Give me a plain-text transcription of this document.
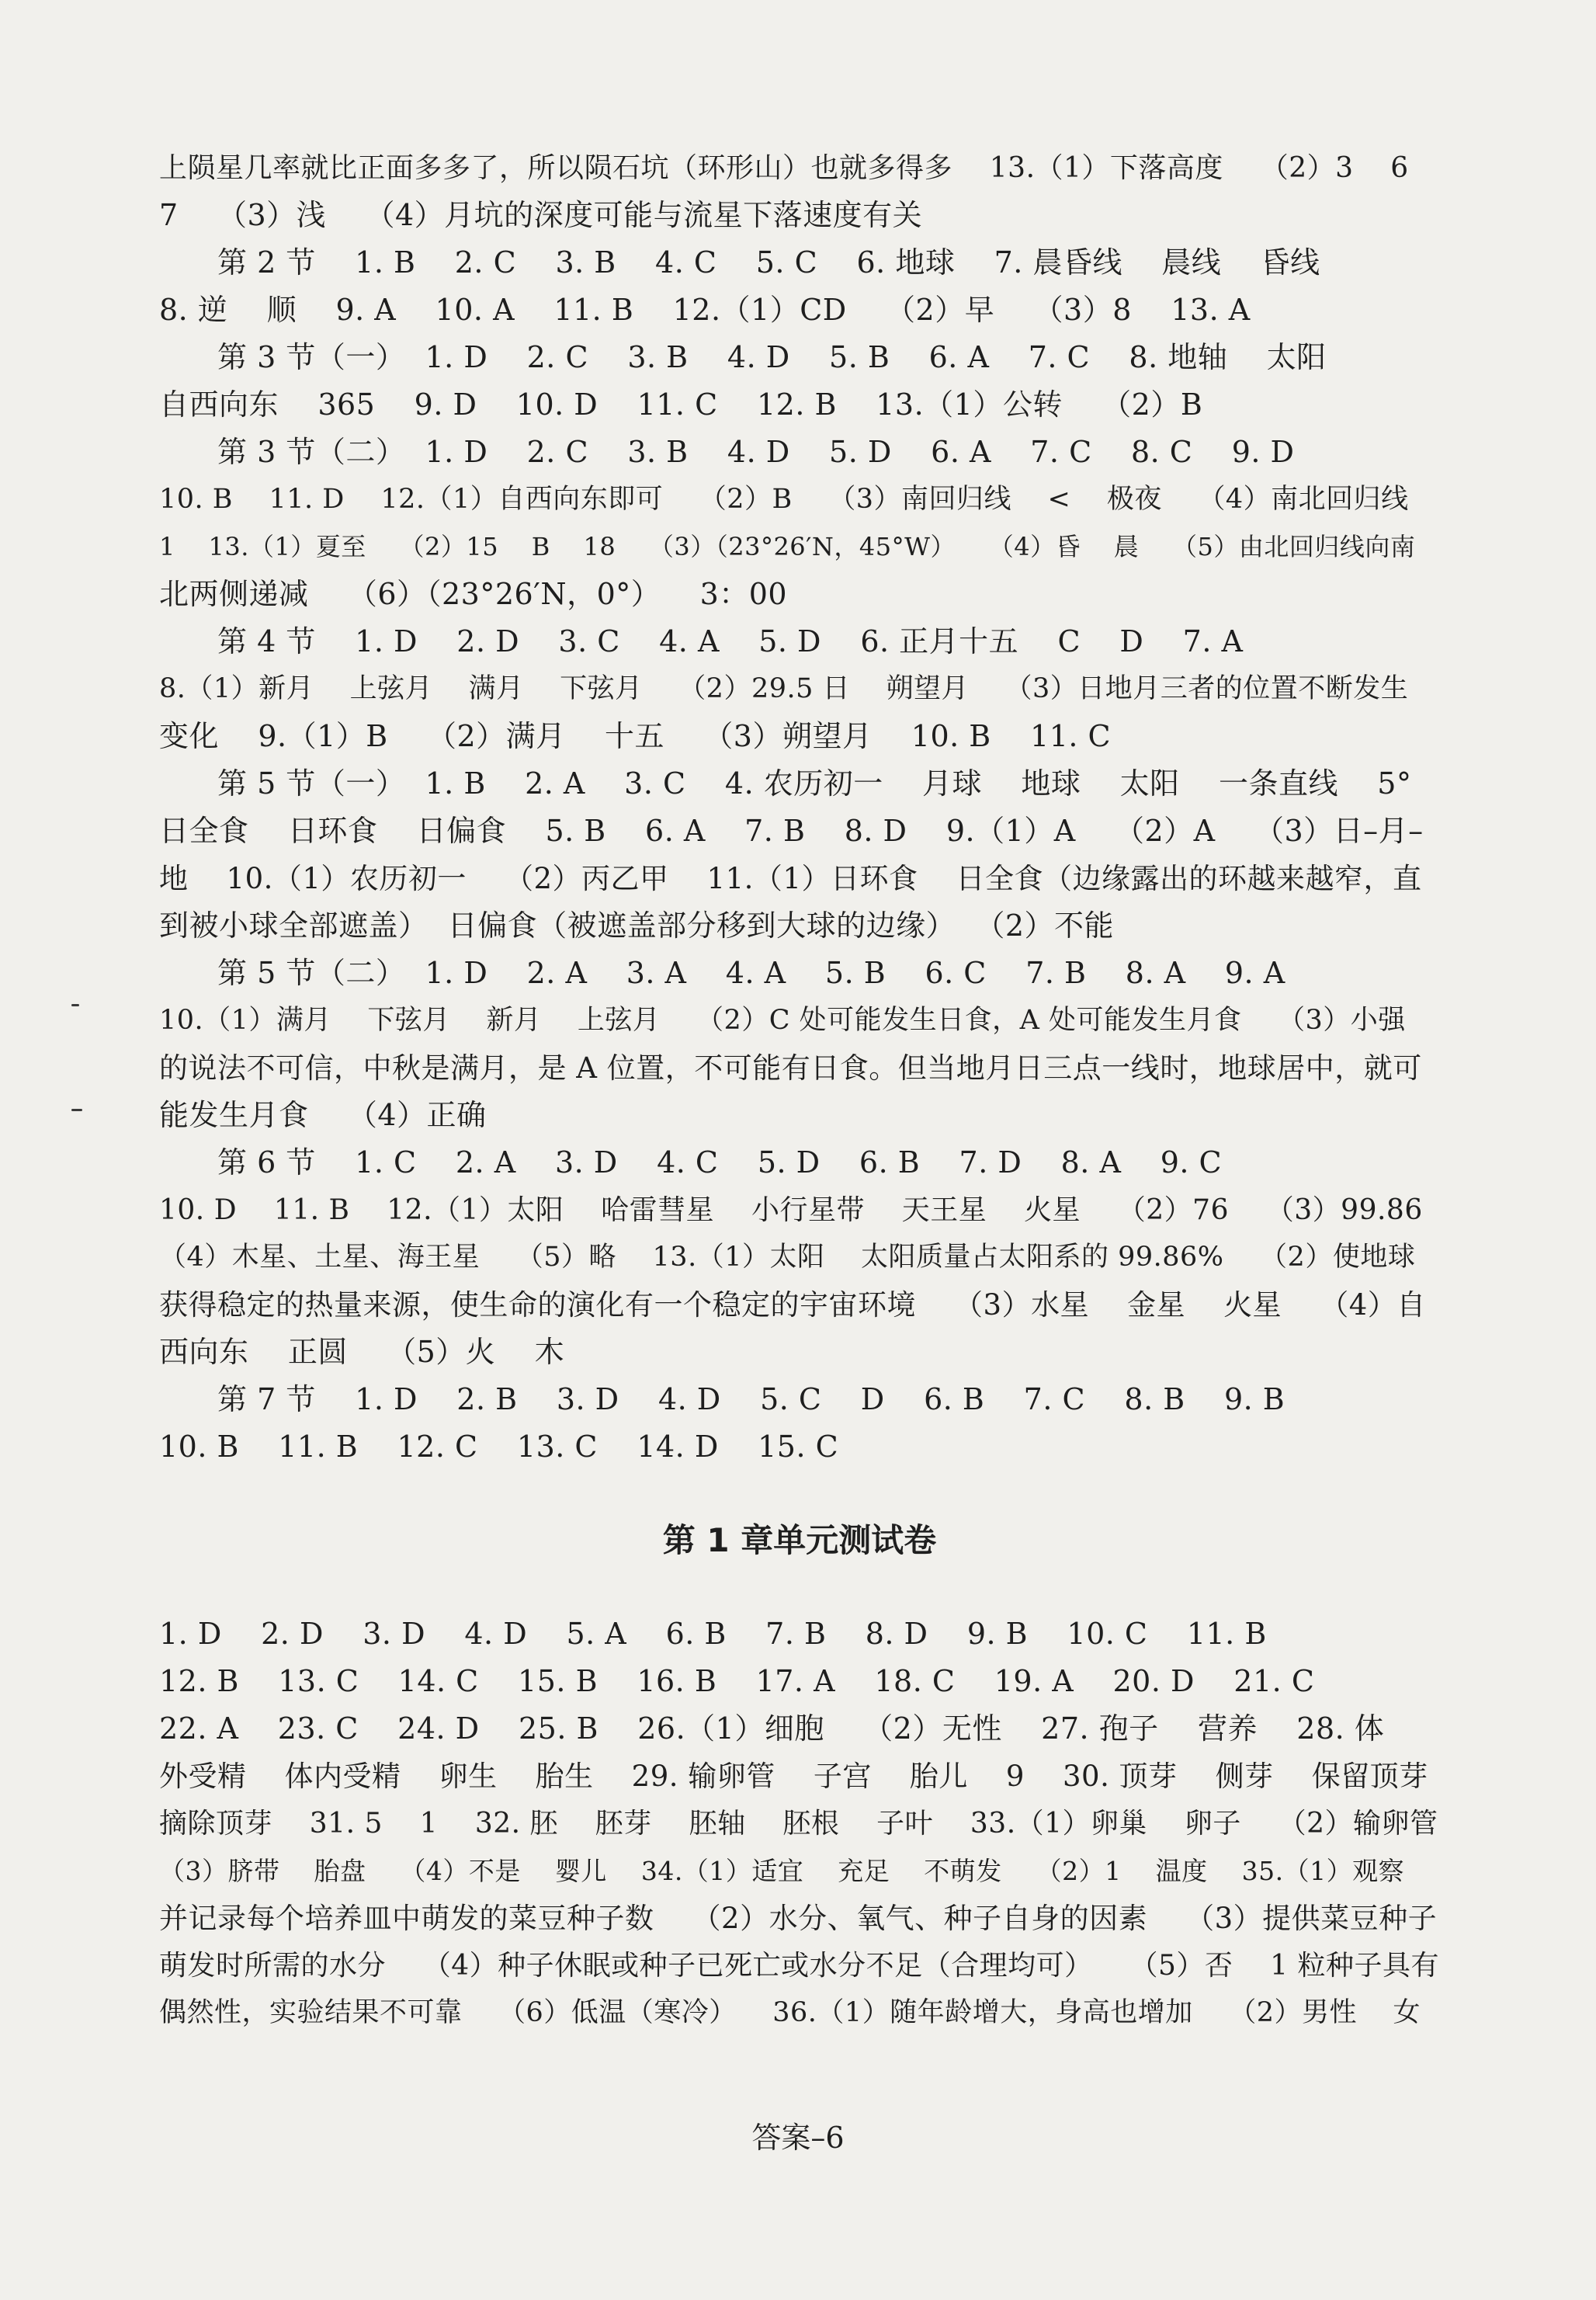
上陨星几率就比正面多多了，所以陨石坑（环形山）也就多得多    13.（1）下落高度    （2）3    6
7    （3）浅    （4）月坑的深度可能与流星下落速度有关
第 2 节    1. B    2. C    3. B    4. C    5. C    6. 地球    7. 晨昏线    晨线    昏线
8. 逆    顺    9. A    10. A    11. B    12.（1）CD    （2）早    （3）8    13. A
第 3 节（一）  1. D    2. C    3. B    4. D    5. B    6. A    7. C    8. 地轴    太阳
自西向东    365    9. D    10. D    11. C    12. B    13.（1）公转    （2）B
第 3 节（二）  1. D    2. C    3. B    4. D    5. D    6. A    7. C    8. C    9. D
10. B    11. D    12.（1）自西向东即可    （2）B    （3）南回归线    <    极夜    （4）南北回归线
1    13.（1）夏至    （2）15    B    18    （3）（23°26′N，45°W）    （4）昏    晨    （5）由北回归线向南
北两侧递减    （6）（23°26′N，0°）    3：00
第 4 节    1. D    2. D    3. C    4. A    5. D    6. 正月十五    C    D    7. A
8.（1）新月    上弦月    满月    下弦月    （2）29.5 日    朔望月    （3）日地月三者的位置不断发生
变化    9.（1）B    （2）满月    十五    （3）朔望月    10. B    11. C
第 5 节（一）  1. B    2. A    3. C    4. 农历初一    月球    地球    太阳    一条直线    5°
日全食    日环食    日偏食    5. B    6. A    7. B    8. D    9.（1）A    （2）A    （3）日–月–
地    10.（1）农历初一    （2）丙乙甲    11.（1）日环食    日全食（边缘露出的环越来越窄，直
到被小球全部遮盖）  日偏食（被遮盖部分移到大球的边缘）  （2）不能
第 5 节（二）  1. D    2. A    3. A    4. A    5. B    6. C    7. B    8. A    9. A
10.（1）满月    下弦月    新月    上弦月    （2）C 处可能发生日食，A 处可能发生月食    （3）小强
的说法不可信，中秋是满月，是 A 位置，不可能有日食。但当地月日三点一线时，地球居中，就可
能发生月食    （4）正确
第 6 节    1. C    2. A    3. D    4. C    5. D    6. B    7. D    8. A    9. C
10. D    11. B    12.（1）太阳    哈雷彗星    小行星带    天王星    火星    （2）76    （3）99.86
（4）木星、土星、海王星    （5）略    13.（1）太阳    太阳质量占太阳系的 99.86%    （2）使地球
获得稳定的热量来源，使生命的演化有一个稳定的宇宙环境    （3）水星    金星    火星    （4）自
西向东    正圆    （5）火    木
第 7 节    1. D    2. B    3. D    4. D    5. C    D    6. B    7. C    8. B    9. B
10. B    11. B    12. C    13. C    14. D    15. C
第 1 章单元测试卷
1. D    2. D    3. D    4. D    5. A    6. B    7. B    8. D    9. B    10. C    11. B
12. B    13. C    14. C    15. B    16. B    17. A    18. C    19. A    20. D    21. C
22. A    23. C    24. D    25. B    26.（1）细胞    （2）无性    27. 孢子    营养    28. 体
外受精    体内受精    卵生    胎生    29. 输卵管    子宫    胎儿    9    30. 顶芽    侧芽    保留顶芽
摘除顶芽    31. 5    1    32. 胚    胚芽    胚轴    胚根    子叶    33.（1）卵巢    卵子    （2）输卵管
（3）脐带    胎盘    （4）不是    婴儿    34.（1）适宜    充足    不萌发    （2）1    温度    35.（1）观察
并记录每个培养皿中萌发的菜豆种子数    （2）水分、氧气、种子自身的因素    （3）提供菜豆种子
萌发时所需的水分    （4）种子休眠或种子已死亡或水分不足（合理均可）    （5）否    1 粒种子具有
偶然性，实验结果不可靠    （6）低温（寒冷）    36.（1）随年龄增大，身高也增加    （2）男性    女
答案–6
